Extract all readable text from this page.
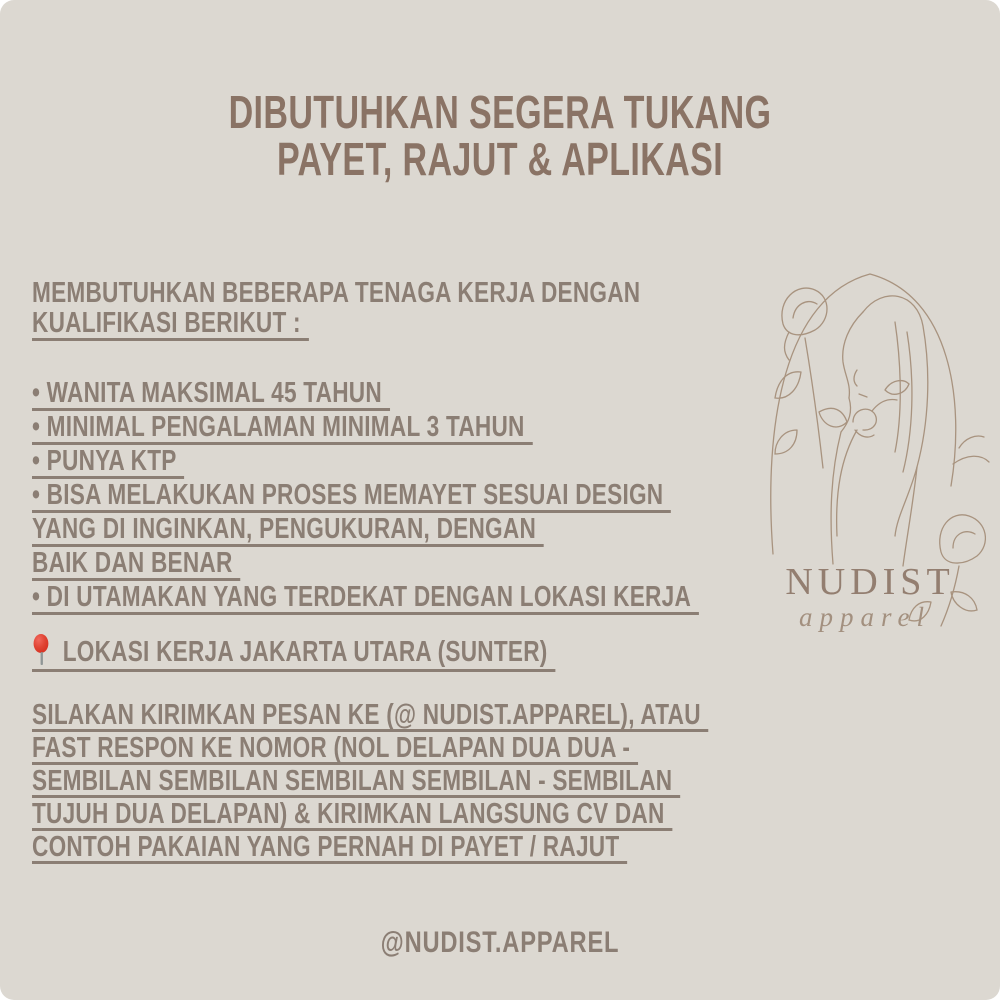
DIBUTUHKAN SEGERA TUKANG
PAYET, RAJUT & APLIKASI
MEMBUTUHKAN BEBERAPA TENAGA KERJA DENGAN
KUALIFIKASI BERIKUT :
• WANITA MAKSIMAL 45 TAHUN
• MINIMAL PENGALAMAN MINIMAL 3 TAHUN
• PUNYA KTP
• BISA MELAKUKAN PROSES MEMAYET SESUAI DESIGN
YANG DI INGINKAN, PENGUKURAN, DENGAN
BAIK DAN BENAR
• DI UTAMAKAN YANG TERDEKAT DENGAN LOKASI KERJA
LOKASI KERJA JAKARTA UTARA (SUNTER)
SILAKAN KIRIMKAN PESAN KE (@ NUDIST.APPAREL), ATAU
FAST RESPON KE NOMOR (NOL DELAPAN DUA DUA -
SEMBILAN SEMBILAN SEMBILAN SEMBILAN - SEMBILAN
TUJUH DUA DELAPAN) & KIRIMKAN LANGSUNG CV DAN
CONTOH PAKAIAN YANG PERNAH DI PAYET / RAJUT
@NUDIST.APPAREL
NUDIST
apparel
